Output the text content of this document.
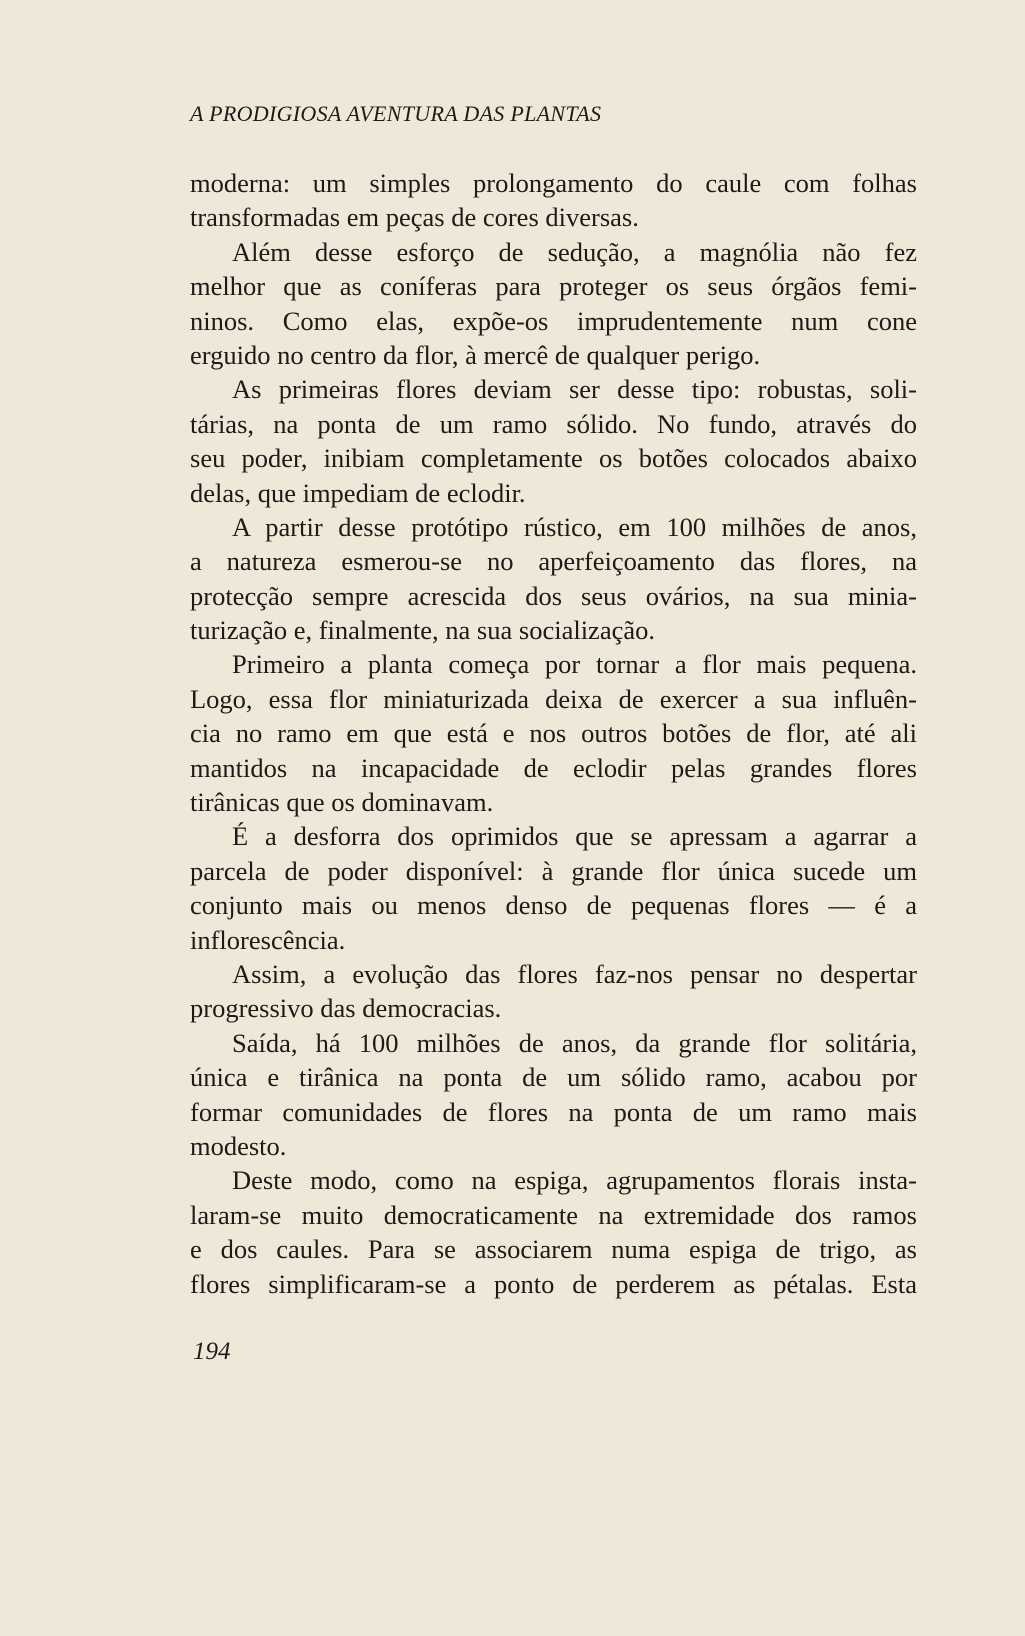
A PRODIGIOSA AVENTURA DAS PLANTAS
moderna: um simples prolongamento do caule com folhas
transformadas em peças de cores diversas.
Além desse esforço de sedução, a magnólia não fez
melhor que as coníferas para proteger os seus órgãos femi-
ninos. Como elas, expõe-os imprudentemente num cone
erguido no centro da flor, à mercê de qualquer perigo.
As primeiras flores deviam ser desse tipo: robustas, soli-
tárias, na ponta de um ramo sólido. No fundo, através do
seu poder, inibiam completamente os botões colocados abaixo
delas, que impediam de eclodir.
A partir desse protótipo rústico, em 100 milhões de anos,
a natureza esmerou-se no aperfeiçoamento das flores, na
protecção sempre acrescida dos seus ovários, na sua minia-
turização e, finalmente, na sua socialização.
Primeiro a planta começa por tornar a flor mais pequena.
Logo, essa flor miniaturizada deixa de exercer a sua influên-
cia no ramo em que está e nos outros botões de flor, até ali
mantidos na incapacidade de eclodir pelas grandes flores
tirânicas que os dominavam.
É a desforra dos oprimidos que se apressam a agarrar a
parcela de poder disponível: à grande flor única sucede um
conjunto mais ou menos denso de pequenas flores — é a
inflorescência.
Assim, a evolução das flores faz-nos pensar no despertar
progressivo das democracias.
Saída, há 100 milhões de anos, da grande flor solitária,
única e tirânica na ponta de um sólido ramo, acabou por
formar comunidades de flores na ponta de um ramo mais
modesto.
Deste modo, como na espiga, agrupamentos florais insta-
laram-se muito democraticamente na extremidade dos ramos
e dos caules. Para se associarem numa espiga de trigo, as
flores simplificaram-se a ponto de perderem as pétalas. Esta
194
